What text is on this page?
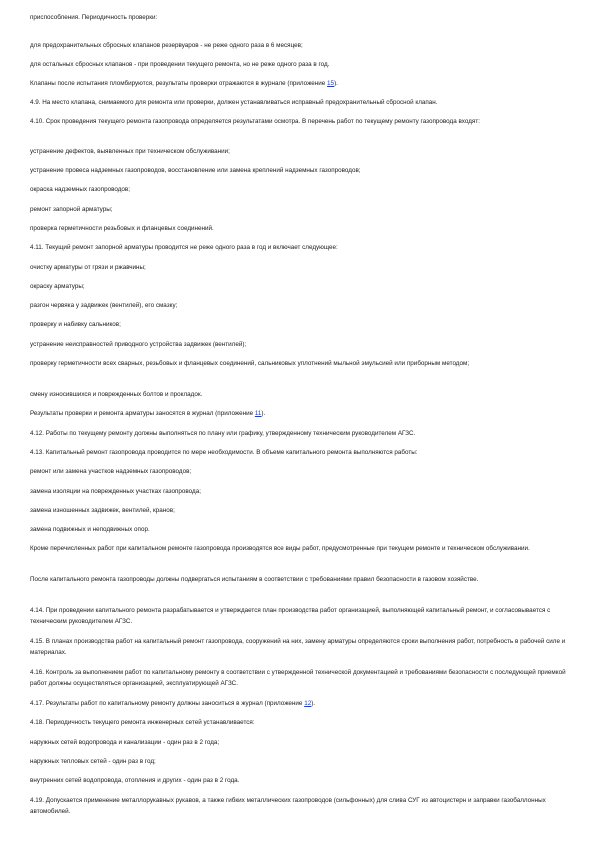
приспособления. Периодичность проверки:

для предохранительных сбросных клапанов резервуаров - не реже одного раза в 6 месяцев;

для остальных сбросных клапанов - при проведении текущего ремонта, но не реже одного раза в год.

Клапаны после испытания пломбируются, результаты проверки отражаются в журнале (приложение 15).

4.9. На место клапана, снимаемого для ремонта или проверки, должен устанавливаться исправный предохранительный сбросной клапан.

4.10. Срок проведения текущего ремонта газопровода определяется результатами осмотра. В перечень работ по текущему ремонту газопровода входят:

устранение дефектов, выявленных при техническом обслуживании;

устранение провеса надземных газопроводов, восстановление или замена креплений надземных газопроводов;

окраска надземных газопроводов;

ремонт запорной арматуры;

проверка герметичности резьбовых и фланцевых соединений.

4.11. Текущий ремонт запорной арматуры проводится не реже одного раза в год и включает следующее:

очистку арматуры от грязи и ржавчины;

окраску арматуры;

разгон червяка у задвижек (вентилей), его смазку;

проверку и набивку сальников;

устранение неисправностей приводного устройства задвижек (вентилей);

проверку герметичности всех сварных, резьбовых и фланцевых соединений, сальниковых уплотнений мыльной эмульсией или приборным методом;

смену износившихся и поврежденных болтов и прокладок.

Результаты проверки и ремонта арматуры заносятся в журнал (приложение 11).

4.12. Работы по текущему ремонту должны выполняться по плану или графику, утвержденному техническим руководителем АГЗС.

4.13. Капитальный ремонт газопровода проводится по мере необходимости. В объеме капитального ремонта выполняются работы:

ремонт или замена участков надземных газопроводов;

замена изоляции на поврежденных участках газопровода;

замена изношенных задвижек, вентилей, кранов;

замена подвижных и неподвижных опор.

Кроме перечисленных работ при капитальном ремонте газопровода производятся все виды работ, предусмотренные при текущем ремонте и техническом обслуживании.

После капитального ремонта газопроводы должны подвергаться испытаниям в соответствии с требованиями правил безопасности в газовом хозяйстве.

4.14. При проведении капитального ремонта разрабатывается и утверждается план производства работ организацией, выполняющей капитальный ремонт, и согласовывается с техническим руководителем АГЗС.

4.15. В планах производства работ на капитальный ремонт газопровода, сооружений на них, замену арматуры определяются сроки выполнения работ, потребность в рабочей силе и материалах.

4.16. Контроль за выполнением работ по капитальному ремонту в соответствии с утвержденной технической документацией и требованиями безопасности с последующей приемкой работ должны осуществляться организацией, эксплуатирующей АГЗС.

4.17. Результаты работ по капитальному ремонту должны заноситься в журнал (приложение 12).

4.18. Периодичность текущего ремонта инженерных сетей устанавливается:

наружных сетей водопровода и канализации - один раз в 2 года;

наружных тепловых сетей - один раз в год;

внутренних сетей водопровода, отопления и других - один раз в 2 года.

4.19. Допускается применение металлорукавных рукавов, а также гибких металлических газопроводов (сильфонных) для слива СУГ из автоцистерн и заправки газобаллонных автомобилей.
